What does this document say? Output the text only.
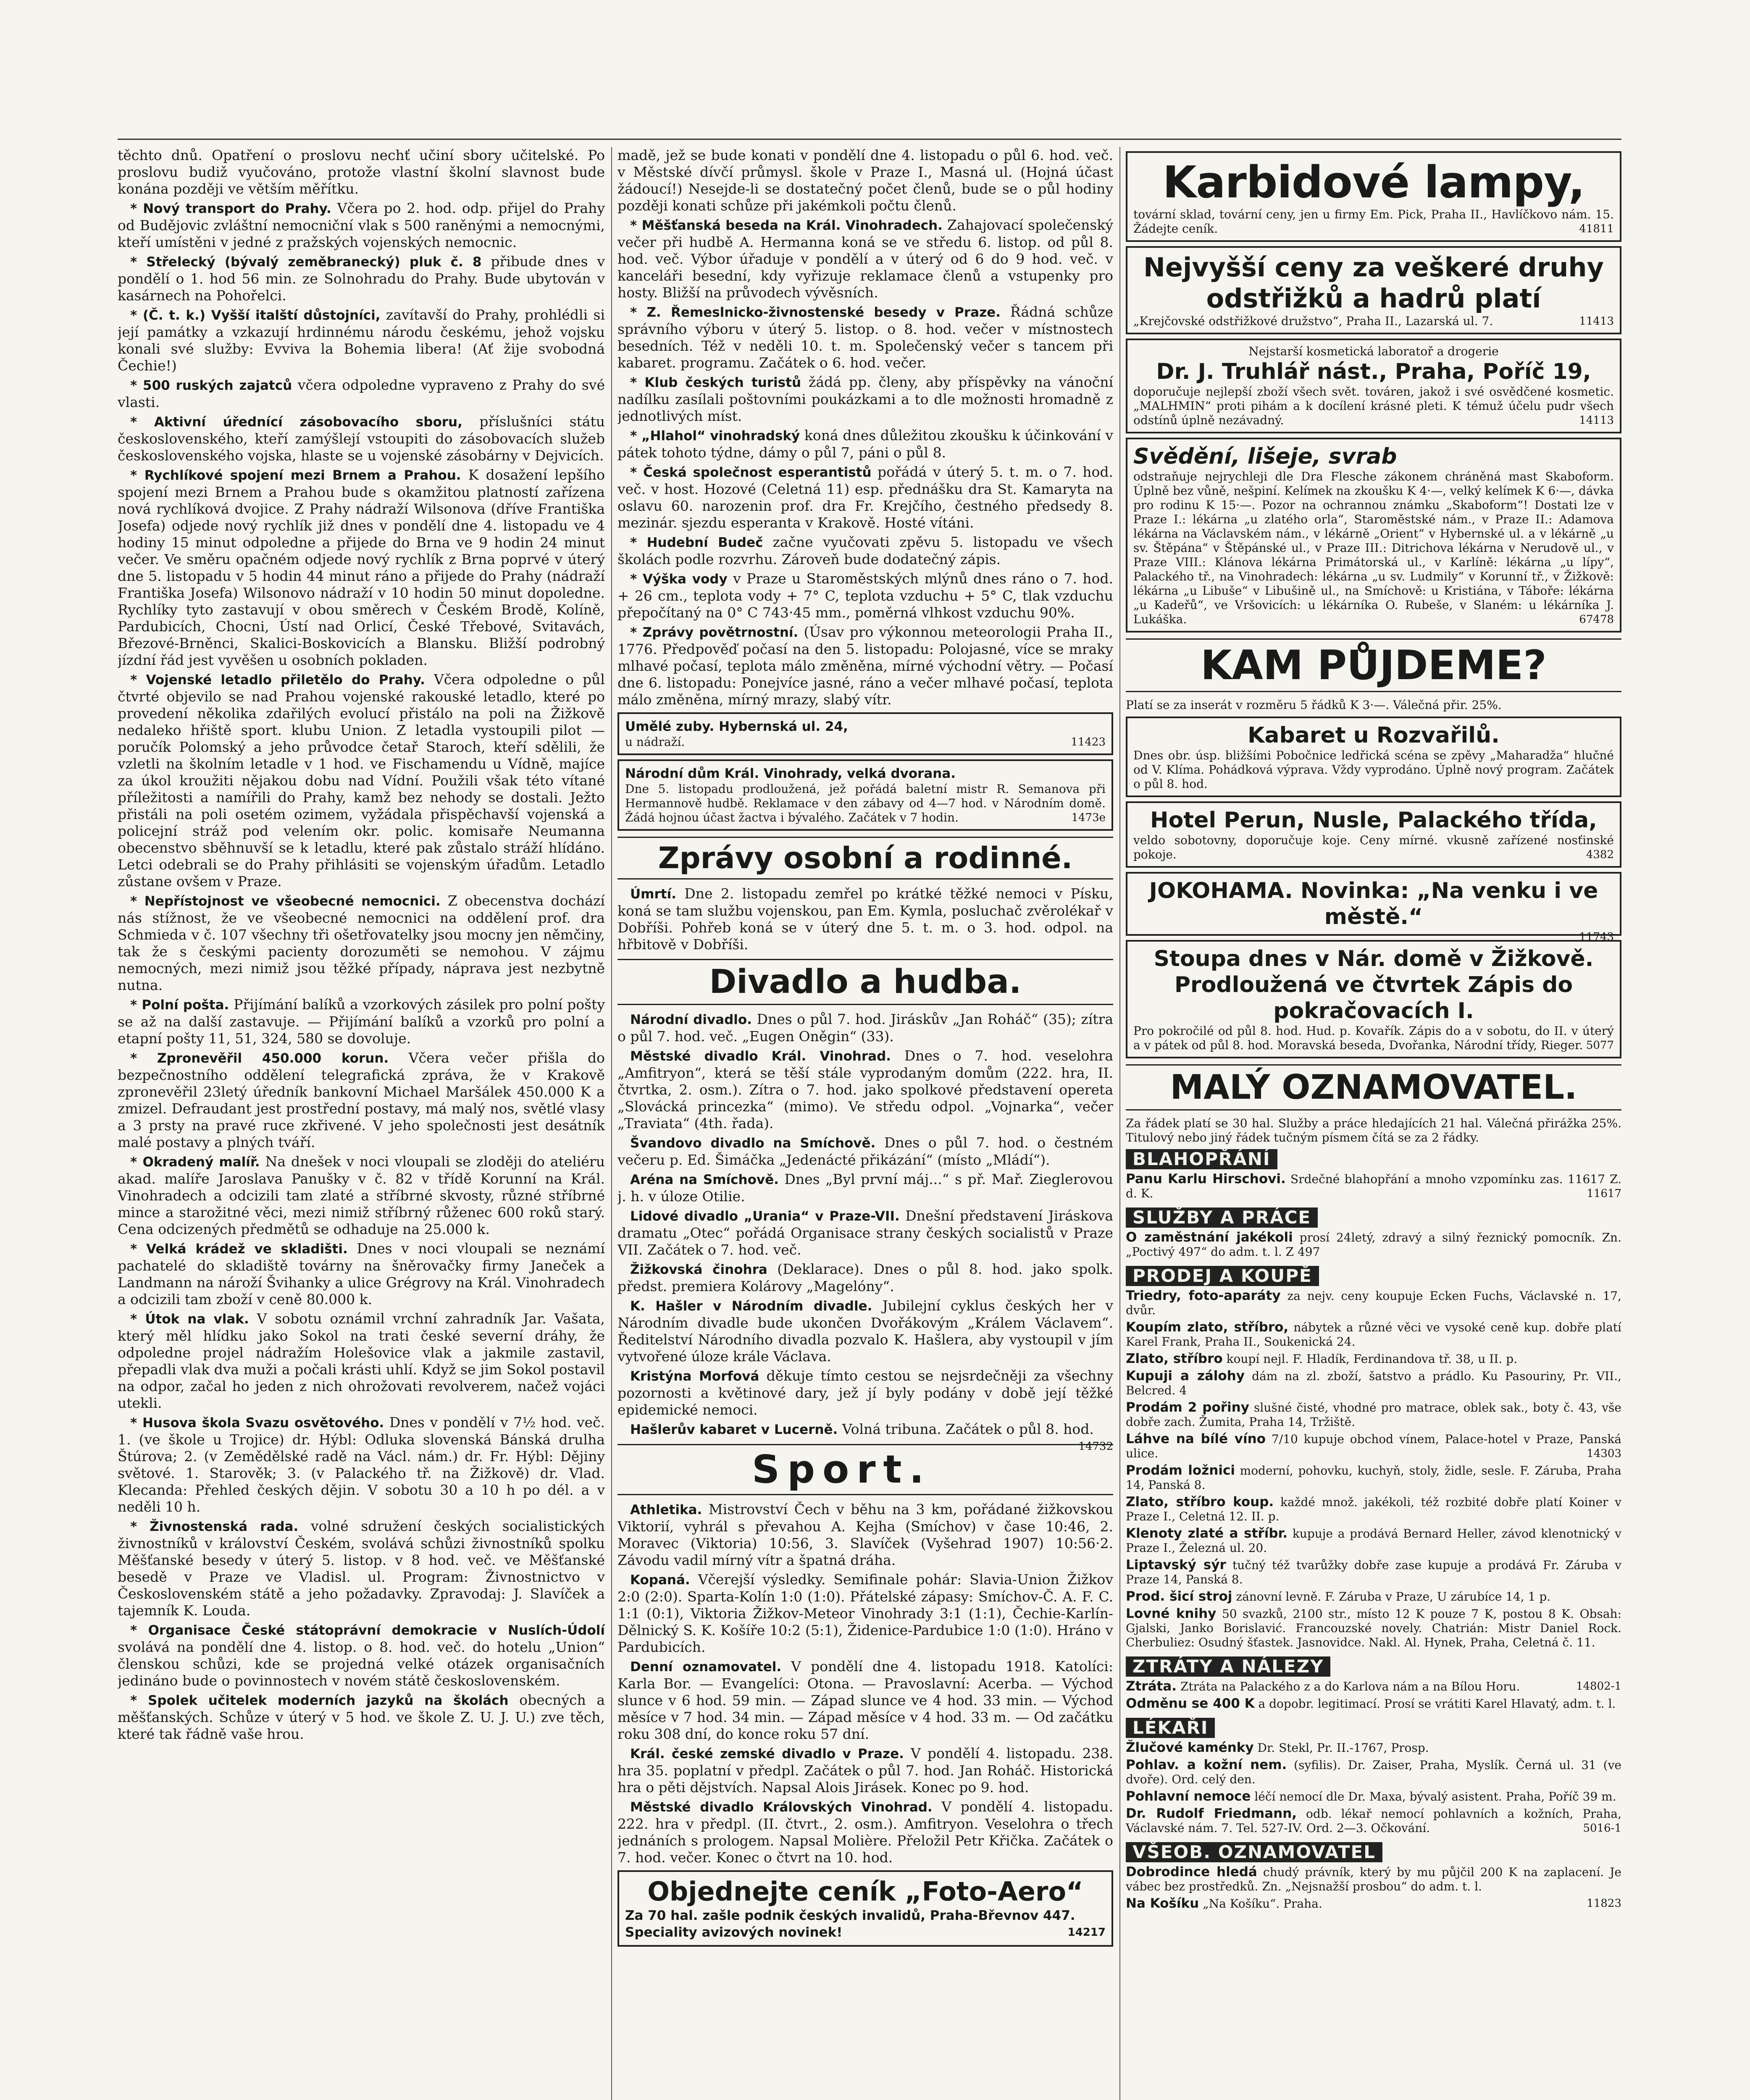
těchto dnů. Opatření o proslovu nechť učiní sbory učitelské. Po proslovu budiž vyučováno, protože vlastní školní slavnost bude konána později ve větším měřítku.

* Nový transport do Prahy. Včera po 2. hod. odp. přijel do Prahy od Budějovic zvláštní nemocniční vlak s 500 raněnými a nemocnými, kteří umístěni v jedné z pražských vojenských nemocnic.

* Střelecký (bývalý zeměbranecký) pluk č. 8 přibude dnes v pondělí o 1. hod 56 min. ze Solnohradu do Prahy. Bude ubytován v kasárnech na Pohořelci.

* (Č. t. k.) Vyšší italští důstojníci, zavítavší do Prahy, prohlédli si její památky a vzkazují hrdinnému národu českému, jehož vojsku konali své služby: Evviva la Bohemia libera! (Ať žije svobodná Čechie!)

* 500 ruských zajatců včera odpoledne vypraveno z Prahy do své vlasti.

* Aktivní úřednící zásobovacího sboru, příslušníci státu československého, kteří zamýšlejí vstoupiti do zásobovacích služeb československého vojska, hlaste se u vojenské zásobárny v Dejvicích.

* Rychlíkové spojení mezi Brnem a Prahou. K dosažení lepšího spojení mezi Brnem a Prahou bude s okamžitou platností zařízena nová rychlíková dvojice. Z Prahy nádraží Wilsonova (dříve Františka Josefa) odjede nový rychlík již dnes v pondělí dne 4. listopadu ve 4 hodiny 15 minut odpoledne a přijede do Brna ve 9 hodin 24 minut večer. Ve směru opačném odjede nový rychlík z Brna poprvé v úterý dne 5. listopadu v 5 hodin 44 minut ráno a přijede do Prahy (nádraží Františka Josefa) Wilsonovo nádraží v 10 hodin 50 minut dopoledne. Rychlíky tyto zastavují v obou směrech v Českém Brodě, Kolíně, Pardubicích, Chocni, Ústí nad Orlicí, České Třebové, Svitavách, Březové-Brněnci, Skalici-Boskovicích a Blansku. Bližší podrobný jízdní řád jest vyvěšen u osobních pokladen.

* Vojenské letadlo přiletělo do Prahy. Včera odpoledne o půl čtvrté objevilo se nad Prahou vojenské rakouské letadlo, které po provedení několika zdařilých evolucí přistálo na poli na Žižkově nedaleko hřiště sport. klubu Union. Z letadla vystoupili pilot — poručík Polomský a jeho průvodce četař Staroch, kteří sdělili, že vzletli na školním letadle v 1 hod. ve Fischamendu u Vídně, majíce za úkol kroužiti nějakou dobu nad Vídní. Použili však této vítané příležitosti a namířili do Prahy, kamž bez nehody se dostali. Ježto přistáli na poli osetém ozimem, vyžádala přispěchavší vojenská a policejní stráž pod velením okr. polic. komisaře Neumanna obecenstvo sběhnuvší se k letadlu, které pak zůstalo stráží hlídáno. Letci odebrali se do Prahy přihlásiti se vojenským úřadům. Letadlo zůstane ovšem v Praze.

* Nepřístojnost ve všeobecné nemocnici. Z obecenstva dochází nás stížnost, že ve všeobecné nemocnici na oddělení prof. dra Schmieda v č. 107 všechny tři ošetřovatelky jsou mocny jen němčiny, tak že s českými pacienty dorozuměti se nemohou. V zájmu nemocných, mezi nimiž jsou těžké případy, náprava jest nezbytně nutna.

* Polní pošta. Přijímání balíků a vzorkových zásilek pro polní pošty se až na další zastavuje. — Přijímání balíků a vzorků pro polní a etapní pošty 11, 51, 324, 580 se dovoluje.

* Zpronevěřil 450.000 korun. Včera večer přišla do bezpečnostního oddělení telegrafická zpráva, že v Krakově zpronevěřil 23letý úředník bankovní Michael Maršálek 450.000 K a zmizel. Defraudant jest prostřední postavy, má malý nos, světlé vlasy a 3 prsty na pravé ruce zkřivené. V jeho společnosti jest desátník malé postavy a plných tváří.

* Okradený malíř. Na dnešek v noci vloupali se zloději do ateliéru akad. malíře Jaroslava Panušky v č. 82 v třídě Korunní na Král. Vinohradech a odcizili tam zlaté a stříbrné skvosty, různé stříbrné mince a starožitné věci, mezi nimiž stříbrný růženec 600 roků starý. Cena odcizených předmětů se odhaduje na 25.000 k.

* Velká krádež ve skladišti. Dnes v noci vloupali se neznámí pachatelé do skladiště továrny na šněrovačky firmy Janeček a Landmann na nároží Švihanky a ulice Grégrovy na Král. Vinohradech a odcizili tam zboží v ceně 80.000 k.

* Útok na vlak. V sobotu oznámil vrchní zahradník Jar. Vašata, který měl hlídku jako Sokol na trati české severní dráhy, že odpoledne projel nádražím Holešovice vlak a jakmile zastavil, přepadli vlak dva muži a počali krásti uhlí. Když se jim Sokol postavil na odpor, začal ho jeden z nich ohrožovati revolverem, načež vojáci utekli.

* Husova škola Svazu osvětového. Dnes v pondělí v 7½ hod. več. 1. (ve škole u Trojice) dr. Hýbl: Odluka slovenská Bánská drulha Štúrova; 2. (v Zemědělské radě na Václ. nám.) dr. Fr. Hýbl: Dějiny světové. 1. Starověk; 3. (v Palackého tř. na Žižkově) dr. Vlad. Klecanda: Přehled českých dějin. V sobotu 30 a 10 h po dél. a v neděli 10 h.

* Živnostenská rada. volné sdružení českých socialistických živnostníků v království Českém, svolává schůzi živnostníků spolku Měšťanské besedy v úterý 5. listop. v 8 hod. več. ve Měšťanské besedě v Praze ve Vladisl. ul. Program: Živnostnictvo v Československém státě a jeho požadavky. Zpravodaj: J. Slavíček a tajemník K. Louda.

* Organisace České státoprávní demokracie v Nuslích-Údolí svolává na pondělí dne 4. listop. o 8. hod. več. do hotelu „Union“ členskou schůzi, kde se projedná velké otázek organisačních jedináno bude o povinnostech v novém státě československém.

* Spolek učitelek moderních jazyků na školách obecných a měšťanských. Schůze v úterý v 5 hod. ve škole Z. U. J. U.) zve těch, které tak řádně vaše hrou.

madě, jež se bude konati v pondělí dne 4. listopadu o půl 6. hod. več. v Městské dívčí průmysl. škole v Praze I., Masná ul. (Hojná účast žádoucí!) Nesejde-li se dostatečný počet členů, bude se o půl hodiny později konati schůze při jakémkoli počtu členů.

* Měšťanská beseda na Král. Vinohradech. Zahajovací společenský večer při hudbě A. Hermanna koná se ve středu 6. listop. od půl 8. hod. več. Výbor úřaduje v pondělí a v úterý od 6 do 9 hod. več. v kanceláři besední, kdy vyřizuje reklamace členů a vstupenky pro hosty. Bližší na průvodech vývěsních.

* Z. Řemeslnicko-živnostenské besedy v Praze. Řádná schůze správního výboru v úterý 5. listop. o 8. hod. večer v místnostech besedních. Též v neděli 10. t. m. Společenský večer s tancem při kabaret. programu. Začátek o 6. hod. večer.

* Klub českých turistů žádá pp. členy, aby příspěvky na vánoční nadílku zasílali poštovními poukázkami a to dle možnosti hromadně z jednotlivých míst.

* „Hlahol“ vinohradský koná dnes důležitou zkoušku k účinkování v pátek tohoto týdne, dámy o půl 7, páni o půl 8.

* Česká společnost esperantistů pořádá v úterý 5. t. m. o 7. hod. več. v host. Hozové (Celetná 11) esp. přednášku dra St. Kamaryta na oslavu 60. narozenin prof. dra Fr. Krejčího, čestného předsedy 8. mezinár. sjezdu esperanta v Krakově. Hosté vítáni.

* Hudební Budeč začne vyučovati zpěvu 5. listopadu ve všech školách podle rozvrhu. Zároveň bude dodatečný zápis.

* Výška vody v Praze u Staroměstských mlýnů dnes ráno o 7. hod. + 26 cm., teplota vody + 7° C, teplota vzduchu + 5° C, tlak vzduchu přepočítaný na 0° C 743·45 mm., poměrná vlhkost vzduchu 90%.

* Zprávy povětrnostní. (Úsav pro výkonnou meteorologii Praha II., 1776. Předpověď počasí na den 5. listopadu: Polojasné, více se mraky mlhavé počasí, teplota málo změněna, mírné východní větry. — Počasí dne 6. listopadu: Ponejvíce jasné, ráno a večer mlhavé počasí, teplota málo změněna, mírný mrazy, slabý vítr.

Umělé zuby. Hybernská ul. 24,
u nádraží.	11423
Národní dům Král. Vinohrady, velká dvorana.
Dne 5. listopadu prodloužená, jež pořádá baletní mistr R. Semanova při Hermannově hudbě. Reklamace v den zábavy od 4—7 hod. v Národním domě. Žádá hojnou účast žactva i bývalého. Začátek v 7 hodin.	1473e
Zprávy osobní a rodinné.

Úmrtí. Dne 2. listopadu zemřel po krátké těžké nemoci v Písku, koná se tam službu vojenskou, pan Em. Kymla, posluchač zvěrolékař v Dobříši. Pohřeb koná se v úterý dne 5. t. m. o 3. hod. odpol. na hřbitově v Dobříši.

Divadlo a hudba.

Národní divadlo. Dnes o půl 7. hod. Jiráskův „Jan Roháč“ (35); zítra o půl 7. hod. več. „Eugen Oněgin“ (33).

Městské divadlo Král. Vinohrad. Dnes o 7. hod. veselohra „Amfitryon“, která se těší stále vyprodaným domům (222. hra, II. čtvrtka, 2. osm.). Zítra o 7. hod. jako spolkové představení opereta „Slovácká princezka“ (mimo). Ve středu odpol. „Vojnarka“, večer „Traviata“ (4th. řada).

Švandovo divadlo na Smíchově. Dnes o půl 7. hod. o čestném večeru p. Ed. Šimáčka „Jedenácté přikázání“ (místo „Mládí“).

Aréna na Smíchově. Dnes „Byl první máj...“ s př. Mař. Zieglerovou j. h. v úloze Otilie.

Lidové divadlo „Urania“ v Praze-VII. Dnešní představení Jiráskova dramatu „Otec“ pořádá Organisace strany českých socialistů v Praze VII. Začátek o 7. hod. več.

Žižkovská činohra (Deklarace). Dnes o půl 8. hod. jako spolk. předst. premiera Kolárovy „Magelóny“.

K. Hašler v Národním divadle. Jubilejní cyklus českých her v Národním divadle bude ukončen Dvořákovým „Králem Václavem“. Ředitelství Národního divadla pozvalo K. Hašlera, aby vystoupil v jím vytvořené úloze krále Václava.

Kristýna Morfová děkuje tímto cestou se nejsrdečněji za všechny pozornosti a květinové dary, jež jí byly podány v době její těžké epidemické nemoci.

Hašlerův kabaret v Lucerně. Volná tribuna. Začátek o půl 8. hod.
14732

Sport.

Athletika. Mistrovství Čech v běhu na 3 km, pořádané žižkovskou Viktorií, vyhrál s převahou A. Kejha (Smíchov) v čase 10:46, 2. Moravec (Viktoria) 10:56, 3. Slavíček (Vyšehrad 1907) 10:56·2. Závodu vadil mírný vítr a špatná dráha.

Kopaná. Včerejší výsledky. Semifinale pohár: Slavia-Union Žižkov 2:0 (2:0). Sparta-Kolín 1:0 (1:0). Přátelské zápasy: Smíchov-Č. A. F. C. 1:1 (0:1), Viktoria Žižkov-Meteor Vinohrady 3:1 (1:1), Čechie-Karlín-Dělnický S. K. Košíře 10:2 (5:1), Židenice-Pardubice 1:0 (1:0). Hráno v Pardubicích.

Denní oznamovatel. V pondělí dne 4. listopadu 1918. Katolíci: Karla Bor. — Evangelíci: Otona. — Pravoslavní: Acerba. — Východ slunce v 6 hod. 59 min. — Západ slunce ve 4 hod. 33 min. — Východ měsíce v 7 hod. 34 min. — Západ měsíce v 4 hod. 33 m. — Od začátku roku 308 dní, do konce roku 57 dní.

Král. české zemské divadlo v Praze. V pondělí 4. listopadu. 238. hra 35. poplatní v předpl. Začátek o půl 7. hod. Jan Roháč. Historická hra o pěti dějstvích. Napsal Alois Jirásek. Konec po 9. hod.

Městské divadlo Královských Vinohrad. V pondělí 4. listopadu. 222. hra v předpl. (II. čtvrt., 2. osm.). Amfitryon. Veselohra o třech jednáních s prologem. Napsal Molière. Přeložil Petr Křička. Začátek o 7. hod. večer. Konec o čtvrt na 10. hod.

Objednejte ceník „Foto-Aero“
Za 70 hal. zašle podnik českých invalidů, Praha-Břevnov 447.
Speciality avizových novinek!	14217
Karbidové lampy,
tovární sklad, tovární ceny, jen u firmy Em. Pick, Praha II., Havlíčkovo nám. 15. Žádejte ceník.	41811
Nejvyšší ceny za veškeré druhy odstřižků a hadrů platí
„Krejčovské odstřižkové družstvo“, Praha II., Lazarská ul. 7.	11413
Nejstarší kosmetická laboratoř a drogerie
Dr. J. Truhlář nást., Praha, Poříč 19,
doporučuje nejlepší zboží všech svět. továren, jakož i své osvědčené kosmetic. „MALHMIN“ proti pihám a k docílení krásné pleti. K témuž účelu pudr všech odstínů úplně nezávadný.	14113
Svědění, lišeje, svrab
odstraňuje nejrychleji dle Dra Flesche zákonem chráněná mast Skaboform. Úplně bez vůně, nešpiní. Kelímek na zkoušku K 4·—, velký kelímek K 6·—, dávka pro rodinu K 15·—. Pozor na ochrannou známku „Skaboform“! Dostati lze v Praze I.: lékárna „u zlatého orla“, Staroměstské nám., v Praze II.: Adamova lékárna na Václavském nám., v lékárně „Orient“ v Hybernské ul. a v lékárně „u sv. Štěpána“ v Štěpánské ul., v Praze III.: Ditrichova lékárna v Nerudově ul., v Praze VIII.: Klánova lékárna Primátorská ul., v Karlíně: lékárna „u lípy“, Palackého tř., na Vinohradech: lékárna „u sv. Ludmily“ v Korunní tř., v Žižkově: lékárna „u Libuše“ v Libušině ul., na Smíchově: u Kristiána, v Táboře: lékárna „u Kadeřů“, ve Vršovicích: u lékárníka O. Rubeše, v Slaném: u lékárníka J. Lukáška.	67478
KAM PŮJDEME?
Platí se za inserát v rozměru 5 řádků K 3·—. Válečná přir. 25%.
Kabaret u Rozvařilů.
Dnes obr. úsp. bližšími Pobočnice ledřická scéna se zpěvy „Maharadža“ hlučné od V. Klíma. Pohádková výprava. Vždy vyprodáno. Úplně nový program. Začátek o půl 8. hod.
Hotel Perun, Nusle, Palackého třída,
veldo sobotovny, doporučuje koje. Ceny mírné. vkusně zařízené nosťinské pokoje.	4382
JOKOHAMA. Novinka: „Na venku i ve městě.“
11743
Stoupa dnes v Nár. domě v Žižkově. Prodloužená ve čtvrtek Zápis do pokračovacích I.
Pro pokročilé od půl 8. hod. Hud. p. Kovařík. Zápis do a v sobotu, do II. v úterý a v pátek od půl 8. hod. Moravská beseda, Dvořanka, Národní třídy, Rieger. 5077
MALÝ OZNAMOVATEL.
Za řádek platí se 30 hal. Služby a práce hledajících 21 hal. Válečná přirážka 25%. Titulový nebo jiný řádek tučným písmem čítá se za 2 řádky.
BLAHOPŘÁNÍ

Panu Karlu Hirschovi. Srdečné blahopřání a mnoho vzpomínku zas. 11617 Z. d. K.	11617

SLUŽBY A PRÁCE

O zaměstnání jakékoli prosí 24letý, zdravý a silný řeznický pomocník. Zn. „Poctivý 497“ do adm. t. l. Z 497

PRODEJ A KOUPĚ

Triedry, foto-aparáty za nejv. ceny koupuje Ecken Fuchs, Václavské n. 17, dvůr.

Koupím zlato, stříbro, nábytek a různé věci ve vysoké ceně kup. dobře platí Karel Frank, Praha II., Soukenická 24.

Zlato, stříbro koupí nejl. F. Hladík, Ferdinandova tř. 38, u II. p.

Kupuji a zálohy dám na zl. zboží, šatstvo a prádlo. Ku Pasouriny, Pr. VII., Belcred. 4

Prodám 2 pořiny slušné čisté, vhodné pro matrace, oblek sak., boty č. 43, vše dobře zach. Žumita, Praha 14, Tržiště.

Láhve na bílé víno 7/10 kupuje obchod vínem, Palace-hotel v Praze, Panská ulice.	14303

Prodám ložnici moderní, pohovku, kuchyň, stoly, židle, sesle. F. Záruba, Praha 14, Panská 8.

Zlato, stříbro koup. každé množ. jakékoli, též rozbité dobře platí Koiner v Praze I., Celetná 12. II. p.

Klenoty zlaté a stříbr. kupuje a prodává Bernard Heller, závod klenotnický v Praze I., Železná ul. 20.

Liptavský sýr tučný též tvarůžky dobře zase kupuje a prodává Fr. Záruba v Praze 14, Panská 8.

Prod. šicí stroj zánovní levně. F. Záruba v Praze, U zárubíce 14, 1 p.

Lovné knihy 50 svazků, 2100 str., místo 12 K pouze 7 K, postou 8 K. Obsah: Gjalski, Janko Borislavić. Francouzské novely. Chatrián: Mistr Daniel Rock. Cherbuliez: Osudný šťastek. Jasnovidce. Nakl. Al. Hynek, Praha, Celetná č. 11.

ZTRÁTY A NÁLEZY

Ztráta. Ztráta na Palackého z a do Karlova nám a na Bílou Horu.	14802-1

Odměnu se 400 K a dopobr. legitimací. Prosí se vrátiti Karel Hlavatý, adm. t. l.

LÉKAŘI

Žlučové kaménky Dr. Stekl, Pr. II.-1767, Prosp.

Pohlav. a kožní nem. (syfilis). Dr. Zaiser, Praha, Myslík. Černá ul. 31 (ve dvoře). Ord. celý den.

Pohlavní nemoce léčí nemocí dle Dr. Maxa, bývalý asistent. Praha, Poříč 39 m.

Dr. Rudolf Friedmann, odb. lékař nemocí pohlavních a kožních, Praha, Václavské nám. 7. Tel. 527-IV. Ord. 2—3. Očkování.	5016-1

VŠEOB. OZNAMOVATEL

Dobrodince hledá chudý právník, který by mu půjčil 200 K na zaplacení. Je vábec bez prostředků. Zn. „Nejsnažší prosbou“ do adm. t. l.

Na Košíku „Na Košíku“. Praha.	11823
